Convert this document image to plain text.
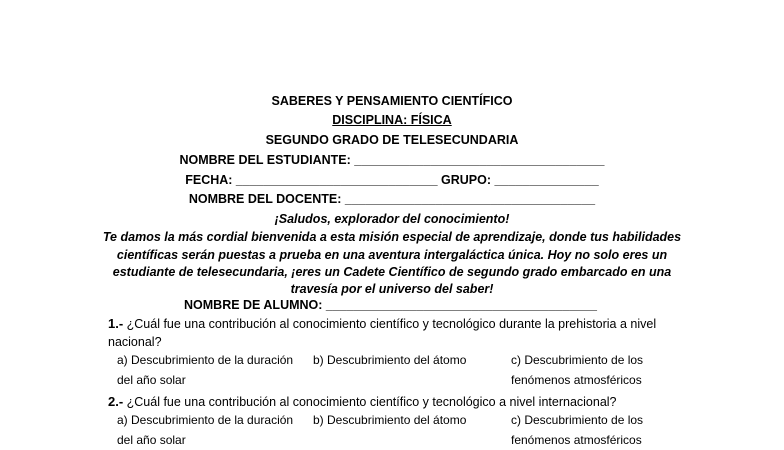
SABERES Y PENSAMIENTO CIENTÍFICO
DISCIPLINA: FÍSICA
SEGUNDO GRADO DE TELESECUNDARIA
NOMBRE DEL ESTUDIANTE: ____________________________________
FECHA: _____________________________ GRUPO: _______________
NOMBRE DEL DOCENTE: ____________________________________
¡Saludos, explorador del conocimiento!
Te damos la más cordial bienvenida a esta misión especial de aprendizaje, donde tus habilidades
científicas serán puestas a prueba en una aventura intergaláctica única. Hoy no solo eres un
estudiante de telesecundaria, ¡eres un Cadete Científico de segundo grado embarcado en una
travesía por el universo del saber!
NOMBRE DE ALUMNO: _______________________________________
1.- ¿Cuál fue una contribución al conocimiento científico y tecnológico durante la prehistoria a nivel
nacional?
a) Descubrimiento de la duración
del año solar
b) Descubrimiento del átomo	c) Descubrimiento de los
fenómenos atmosféricos
2.- ¿Cuál fue una contribución al conocimiento científico y tecnológico a nivel internacional?
a) Descubrimiento de la duración
del año solar
b) Descubrimiento del átomo	c) Descubrimiento de los
fenómenos atmosféricos
